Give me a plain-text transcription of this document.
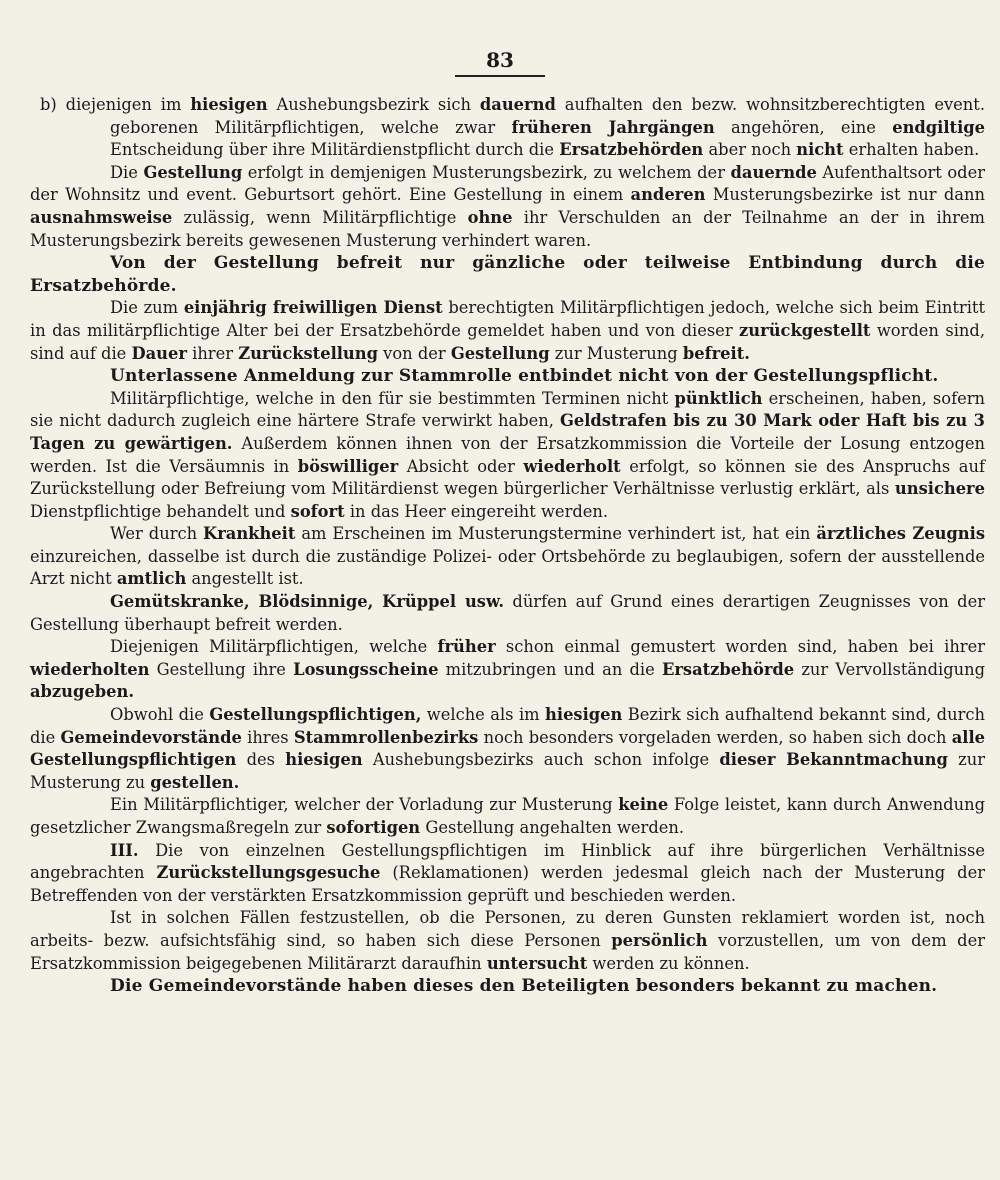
83

b) diejenigen im hiesigen Aushebungsbezirk sich dauernd aufhalten den bezw. wohnsitzberechtigten event. geborenen Militärpflichtigen, welche zwar früheren Jahrgängen angehören, eine endgiltige Entscheidung über ihre Militärdienstpflicht durch die Ersatzbehörden aber noch nicht erhalten haben.

Die Gestellung erfolgt in demjenigen Musterungsbezirk, zu welchem der dauernde Aufenthaltsort oder der Wohnsitz und event. Geburtsort gehört. Eine Gestellung in einem anderen Musterungsbezirke ist nur dann ausnahmsweise zulässig, wenn Militärpflichtige ohne ihr Verschulden an der Teilnahme an der in ihrem Musterungsbezirk bereits gewesenen Musterung verhindert waren.

Von der Gestellung befreit nur gänzliche oder teilweise Entbindung durch die Ersatzbehörde.

Die zum einjährig freiwilligen Dienst berechtigten Militärpflichtigen jedoch, welche sich beim Eintritt in das militärpflichtige Alter bei der Ersatzbehörde gemeldet haben und von dieser zurückgestellt worden sind, sind auf die Dauer ihrer Zurückstellung von der Gestellung zur Musterung befreit.

Unterlassene Anmeldung zur Stammrolle entbindet nicht von der Gestellungspflicht.

Militärpflichtige, welche in den für sie bestimmten Terminen nicht pünktlich erscheinen, haben, sofern sie nicht dadurch zugleich eine härtere Strafe verwirkt haben, Geldstrafen bis zu 30 Mark oder Haft bis zu 3 Tagen zu gewärtigen. Außerdem können ihnen von der Ersatzkommission die Vorteile der Losung entzogen werden. Ist die Versäumnis in böswilliger Absicht oder wiederholt erfolgt, so können sie des Anspruchs auf Zurückstellung oder Befreiung vom Militärdienst wegen bürgerlicher Verhältnisse verlustig erklärt, als unsichere Dienstpflichtige behandelt und sofort in das Heer eingereiht werden.

Wer durch Krankheit am Erscheinen im Musterungstermine verhindert ist, hat ein ärztliches Zeugnis einzureichen, dasselbe ist durch die zuständige Polizei- oder Ortsbehörde zu beglaubigen, sofern der ausstellende Arzt nicht amtlich angestellt ist.

Gemütskranke, Blödsinnige, Krüppel usw. dürfen auf Grund eines derartigen Zeugnisses von der Gestellung überhaupt befreit werden.

Diejenigen Militärpflichtigen, welche früher schon einmal gemustert worden sind, haben bei ihrer wiederholten Gestellung ihre Losungsscheine mitzubringen und an die Ersatzbehörde zur Vervollständigung abzugeben.

Obwohl die Gestellungspflichtigen, welche als im hiesigen Bezirk sich aufhaltend bekannt sind, durch die Gemeindevorstände ihres Stammrollenbezirks noch besonders vorgeladen werden, so haben sich doch alle Gestellungspflichtigen des hiesigen Aushebungsbezirks auch schon infolge dieser Bekanntmachung zur Musterung zu gestellen.

Ein Militärpflichtiger, welcher der Vorladung zur Musterung keine Folge leistet, kann durch Anwendung gesetzlicher Zwangsmaßregeln zur sofortigen Gestellung angehalten werden.

III. Die von einzelnen Gestellungspflichtigen im Hinblick auf ihre bürgerlichen Verhältnisse angebrachten Zurückstellungsgesuche (Reklamationen) werden jedesmal gleich nach der Musterung der Betreffenden von der verstärkten Ersatzkommission geprüft und beschieden werden.

Ist in solchen Fällen festzustellen, ob die Personen, zu deren Gunsten reklamiert worden ist, noch arbeits- bezw. aufsichtsfähig sind, so haben sich diese Personen persönlich vorzustellen, um von dem der Ersatzkommission beigegebenen Militärarzt daraufhin untersucht werden zu können.

Die Gemeindevorstände haben dieses den Beteiligten besonders bekannt zu machen.
